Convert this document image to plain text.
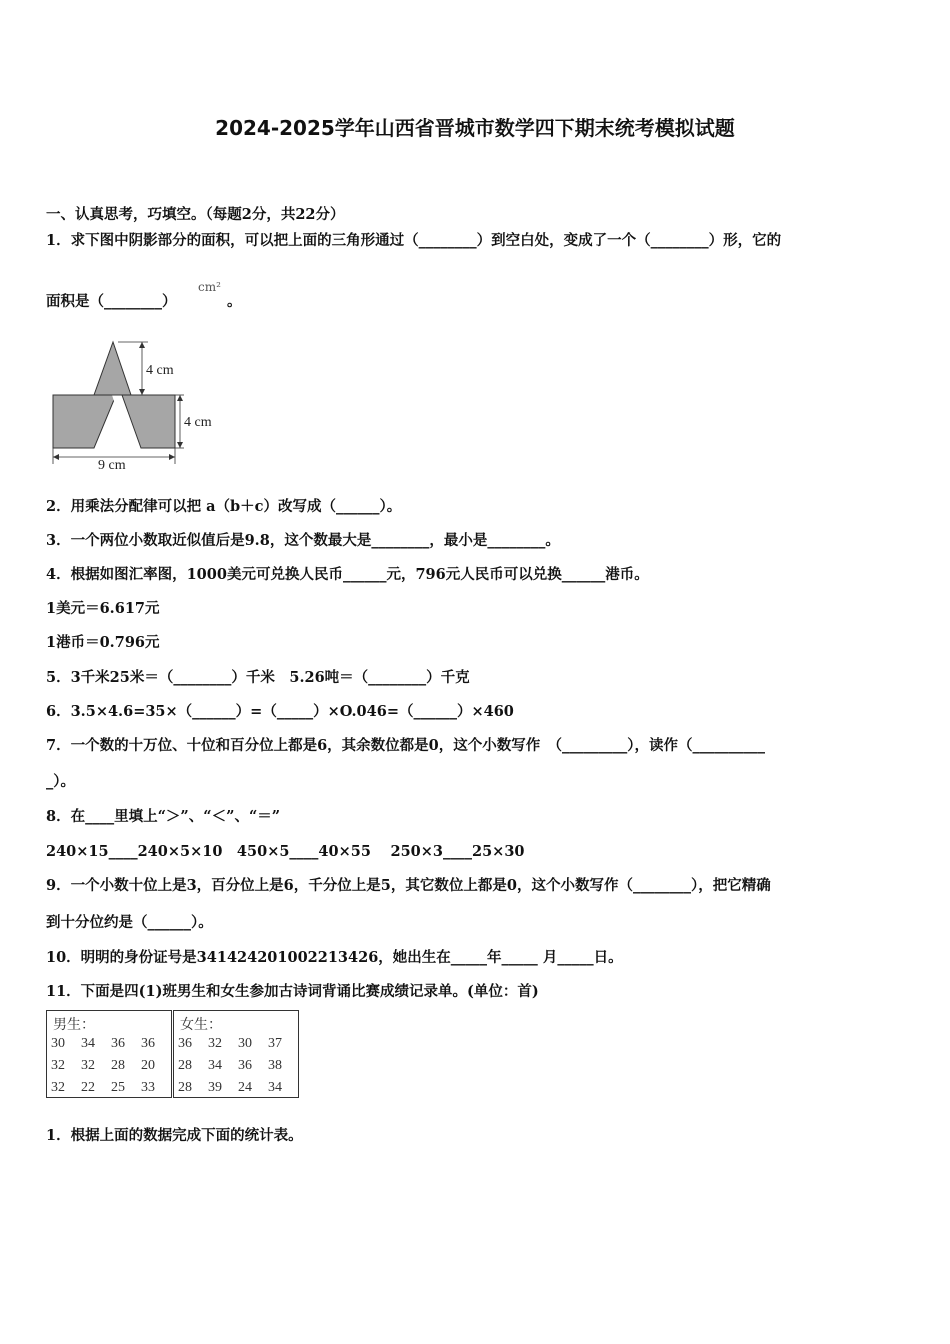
2024-2025学年山西省晋城市数学四下期末统考模拟试题
一、认真思考，巧填空。（每题2分，共22分）
1．求下图中阴影部分的面积，可以把上面的三角形通过（________）到空白处，变成了一个（________）形，它的
面积是（________）
cm²
。
4 cm
4 cm
9 cm
2．用乘法分配律可以把 a（b＋c）改写成（______）。
3．一个两位小数取近似值后是9.8，这个数最大是________，最小是________。
4．根据如图汇率图，1000美元可兑换人民币______元，796元人民币可以兑换______港币。
1美元＝6.617元
1港币＝0.796元
5．3千米25米＝（________）千米　5.26吨＝（________）千克
6．3.5×4.6=35×（______）=（_____）×O.046=（______）×460
7．一个数的十万位、十位和百分位上都是6，其余数位都是0，这个小数写作　（_________），读作（__________
_）。
8．在____里填上“＞”、“＜”、“＝”
240×15____240×5×10　450×5____40×55　 250×3____25×30
9．一个小数十位上是3，百分位上是6，千分位上是5，其它数位上都是0，这个小数写作（________），把它精确
到十分位约是（______）。
10．明明的身份证号是341424201002213426，她出生在_____年_____ 月_____日。
11．下面是四(1)班男生和女生参加古诗词背诵比赛成绩记录单。(单位：首)
男生：
30	34	36	36
32	32	28	20
32	22	25	33
女生：
36	32	30	37
28	34	36	38
28	39	24	34
1．根据上面的数据完成下面的统计表。
